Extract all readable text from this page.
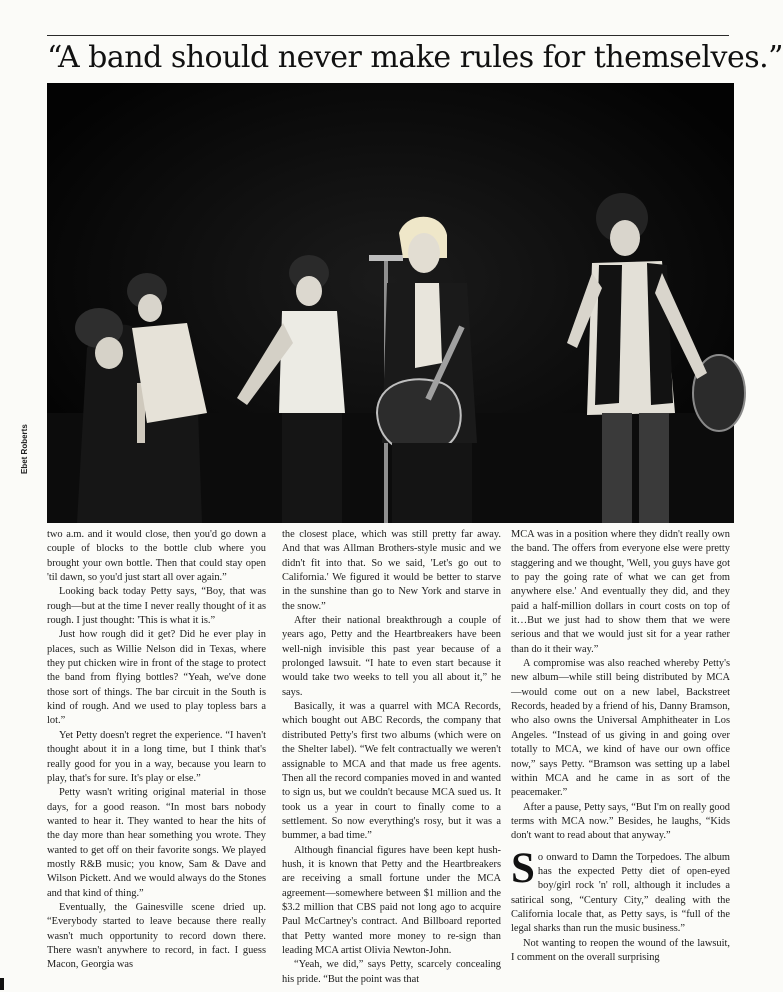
“A band should never make rules for themselves.”
Ebet Roberts

two a.m. and it would close, then you'd go down a couple of blocks to the bottle club where you brought your own bottle. Then that could stay open 'til dawn, so you'd just start all over again.”

Looking back today Petty says, “Boy, that was rough—but at the time I never really thought of it as rough. I just thought: 'This is what it is.”

Just how rough did it get? Did he ever play in places, such as Willie Nelson did in Texas, where they put chicken wire in front of the stage to protect the band from flying bottles? “Yeah, we've done those sort of things. The bar circuit in the South is kind of rough. And we used to play topless bars a lot.”

Yet Petty doesn't regret the experience. “I haven't thought about it in a long time, but I think that's really good for you in a way, because you learn to play, that's for sure. It's play or else.”

Petty wasn't writing original material in those days, for a good reason. “In most bars nobody wanted to hear it. They wanted to hear the hits of the day more than hear something you wrote. They wanted to get off on their favorite songs. We played mostly R&B music; you know, Sam & Dave and Wilson Pickett. And we would always do the Stones and that kind of thing.”

Eventually, the Gainesville scene dried up. “Everybody started to leave because there really wasn't much opportunity to record down there. There wasn't anywhere to record, in fact. I guess Macon, Georgia was

the closest place, which was still pretty far away. And that was Allman Brothers-style music and we didn't fit into that. So we said, 'Let's go out to California.' We figured it would be better to starve in the sunshine than go to New York and starve in the snow.”

After their national breakthrough a couple of years ago, Petty and the Heartbreakers have been well-nigh invisible this past year because of a prolonged lawsuit. “I hate to even start because it would take two weeks to tell you all about it,” he says.

Basically, it was a quarrel with MCA Records, which bought out ABC Records, the company that distributed Petty's first two albums (which were on the Shelter label). “We felt contractually we weren't assignable to MCA and that made us free agents. Then all the record companies moved in and wanted to sign us, but we couldn't because MCA sued us. It took us a year in court to finally come to a settlement. So now everything's rosy, but it was a bummer, a bad time.”

Although financial figures have been kept hush-hush, it is known that Petty and the Heartbreakers are receiving a small fortune under the MCA agreement—somewhere between $1 million and the $3.2 million that CBS paid not long ago to acquire Paul McCartney's contract. And Billboard reported that Petty wanted more money to re-sign than leading MCA artist Olivia Newton-John.

“Yeah, we did,” says Petty, scarcely concealing his pride. “But the point was that

MCA was in a position where they didn't really own the band. The offers from everyone else were pretty staggering and we thought, 'Well, you guys have got to pay the going rate of what we can get from anywhere else.' And eventually they did, and they paid a half-million dollars in court costs on top of it…But we just had to show them that we were serious and that we would just sit for a year rather than do it their way.”

A compromise was also reached whereby Petty's new album—while still being distributed by MCA—would come out on a new label, Backstreet Records, headed by a friend of his, Danny Bramson, who also owns the Universal Amphitheater in Los Angeles. “Instead of us giving in and going over totally to MCA, we kind of have our own office now,” says Petty. “Bramson was setting up a label within MCA and he came in as sort of the peacemaker.”

After a pause, Petty says, “But I'm on really good terms with MCA now.” Besides, he laughs, “Kids don't want to read about that anyway.”

So onward to Damn the Torpedoes. The album has the expected Petty diet of open-eyed boy/girl rock 'n' roll, although it includes a satirical song, “Century City,” dealing with the California locale that, as Petty says, is “full of the legal sharks than run the music business.”

Not wanting to reopen the wound of the lawsuit, I comment on the overall surprising
